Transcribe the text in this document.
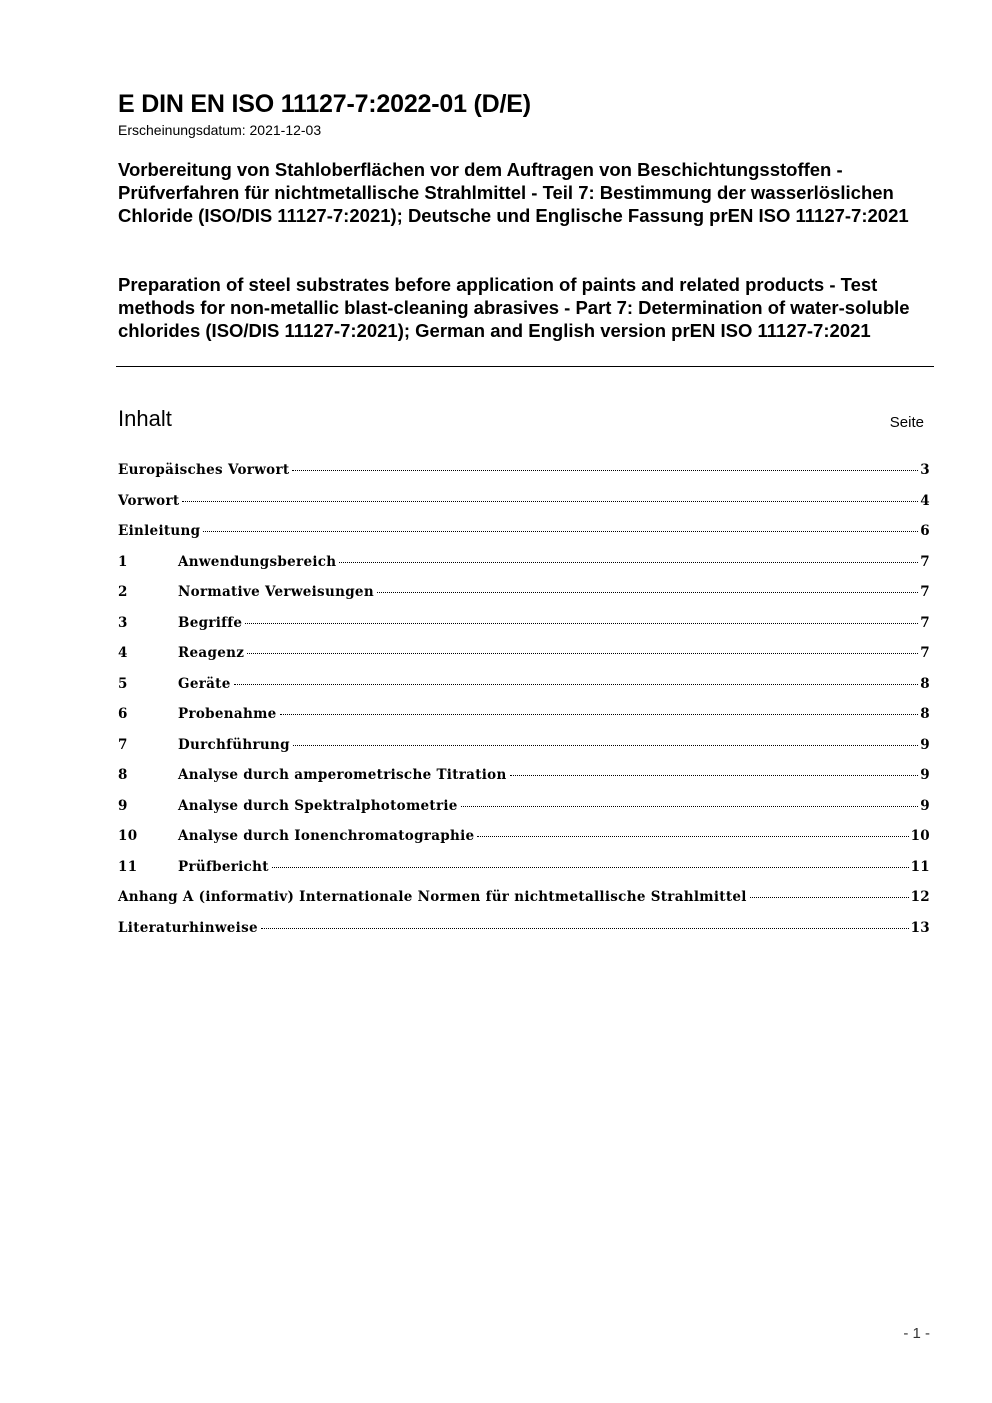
E DIN EN ISO 11127-7:2022-01 (D/E)
Erscheinungsdatum: 2021-12-03
Vorbereitung von Stahloberflächen vor dem Auftragen von Beschichtungsstoffen - Prüfverfahren für nichtmetallische Strahlmittel - Teil 7: Bestimmung der wasserlöslichen Chloride (ISO/DIS 11127-7:2021); Deutsche und Englische Fassung prEN ISO 11127-7:2021
Preparation of steel substrates before application of paints and related products - Test methods for non-metallic blast-cleaning abrasives - Part 7: Determination of water-soluble chlorides (ISO/DIS 11127-7:2021); German and English version prEN ISO 11127-7:2021
Inhalt	Seite
Europäisches Vorwort	3
Vorwort	4
Einleitung	6
1	Anwendungsbereich	7
2	Normative Verweisungen	7
3	Begriffe	7
4	Reagenz	7
5	Geräte	8
6	Probenahme	8
7	Durchführung	9
8	Analyse durch amperometrische Titration	9
9	Analyse durch Spektralphotometrie	9
10	Analyse durch Ionenchromatographie	10
11	Prüfbericht	11
Anhang A (informativ) Internationale Normen für nichtmetallische Strahlmittel	12
Literaturhinweise	13
- 1 -
